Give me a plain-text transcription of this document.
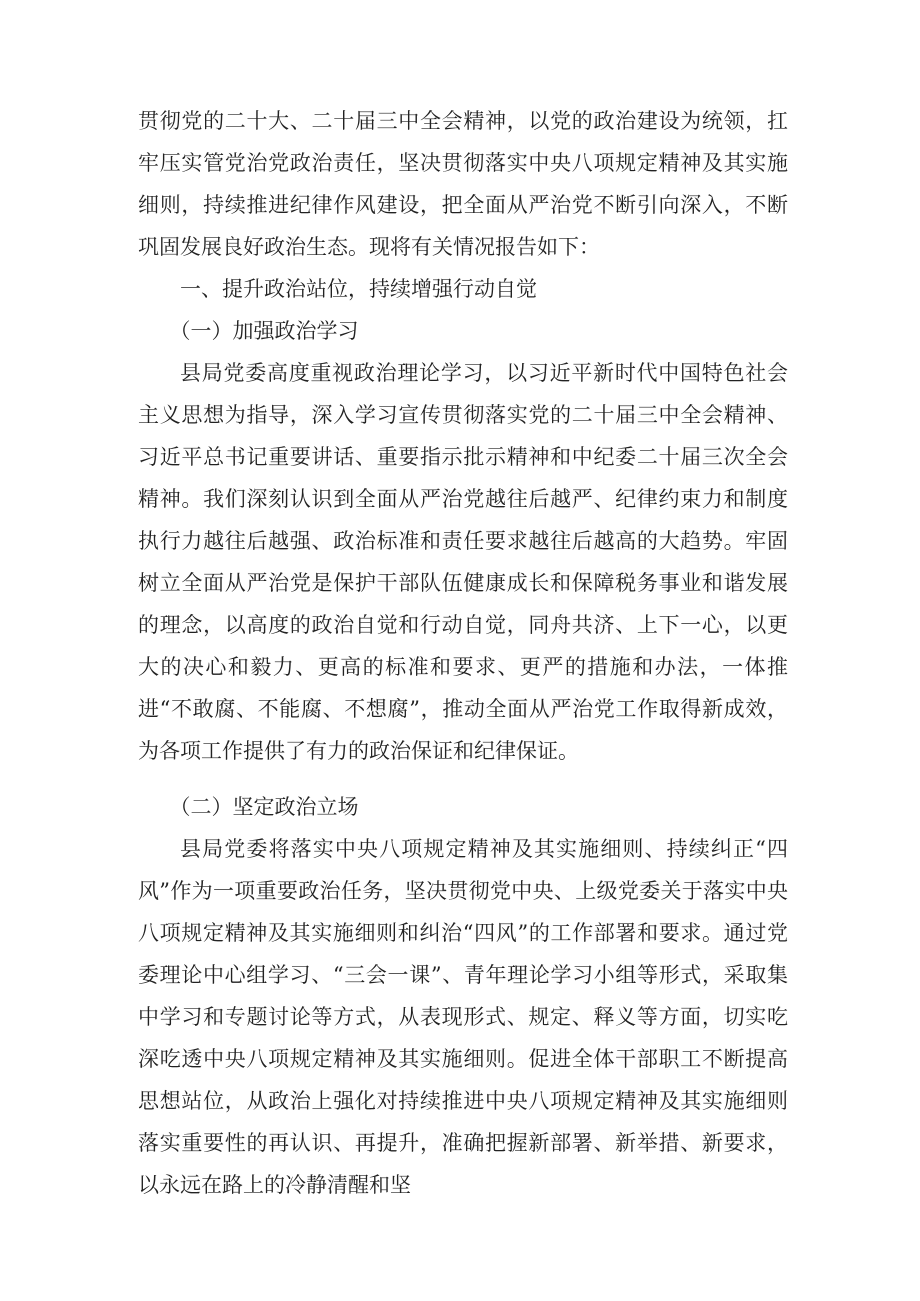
贯彻党的二十大、二十届三中全会精神，以党的政治建设为统领，扛牢压实管党治党政治责任，坚决贯彻落实中央八项规定精神及其实施细则，持续推进纪律作风建设，把全面从严治党不断引向深入，不断巩固发展良好政治生态。现将有关情况报告如下：

一、提升政治站位，持续增强行动自觉

（一）加强政治学习

县局党委高度重视政治理论学习，以习近平新时代中国特色社会主义思想为指导，深入学习宣传贯彻落实党的二十届三中全会精神、习近平总书记重要讲话、重要指示批示精神和中纪委二十届三次全会精神。我们深刻认识到全面从严治党越往后越严、纪律约束力和制度执行力越往后越强、政治标准和责任要求越往后越高的大趋势。牢固树立全面从严治党是保护干部队伍健康成长和保障税务事业和谐发展的理念，以高度的政治自觉和行动自觉，同舟共济、上下一心，以更大的决心和毅力、更高的标准和要求、更严的措施和办法，一体推进“不敢腐、不能腐、不想腐”，推动全面从严治党工作取得新成效，为各项工作提供了有力的政治保证和纪律保证。

（二）坚定政治立场

县局党委将落实中央八项规定精神及其实施细则、持续纠正“四风”作为一项重要政治任务，坚决贯彻党中央、上级党委关于落实中央八项规定精神及其实施细则和纠治“四风”的工作部署和要求。通过党委理论中心组学习、“三会一课”、青年理论学习小组等形式，采取集中学习和专题讨论等方式，从表现形式、规定、释义等方面，切实吃深吃透中央八项规定精神及其实施细则。促进全体干部职工不断提高思想站位，从政治上强化对持续推进中央八项规定精神及其实施细则落实重要性的再认识、再提升，准确把握新部署、新举措、新要求，以永远在路上的冷静清醒和坚
